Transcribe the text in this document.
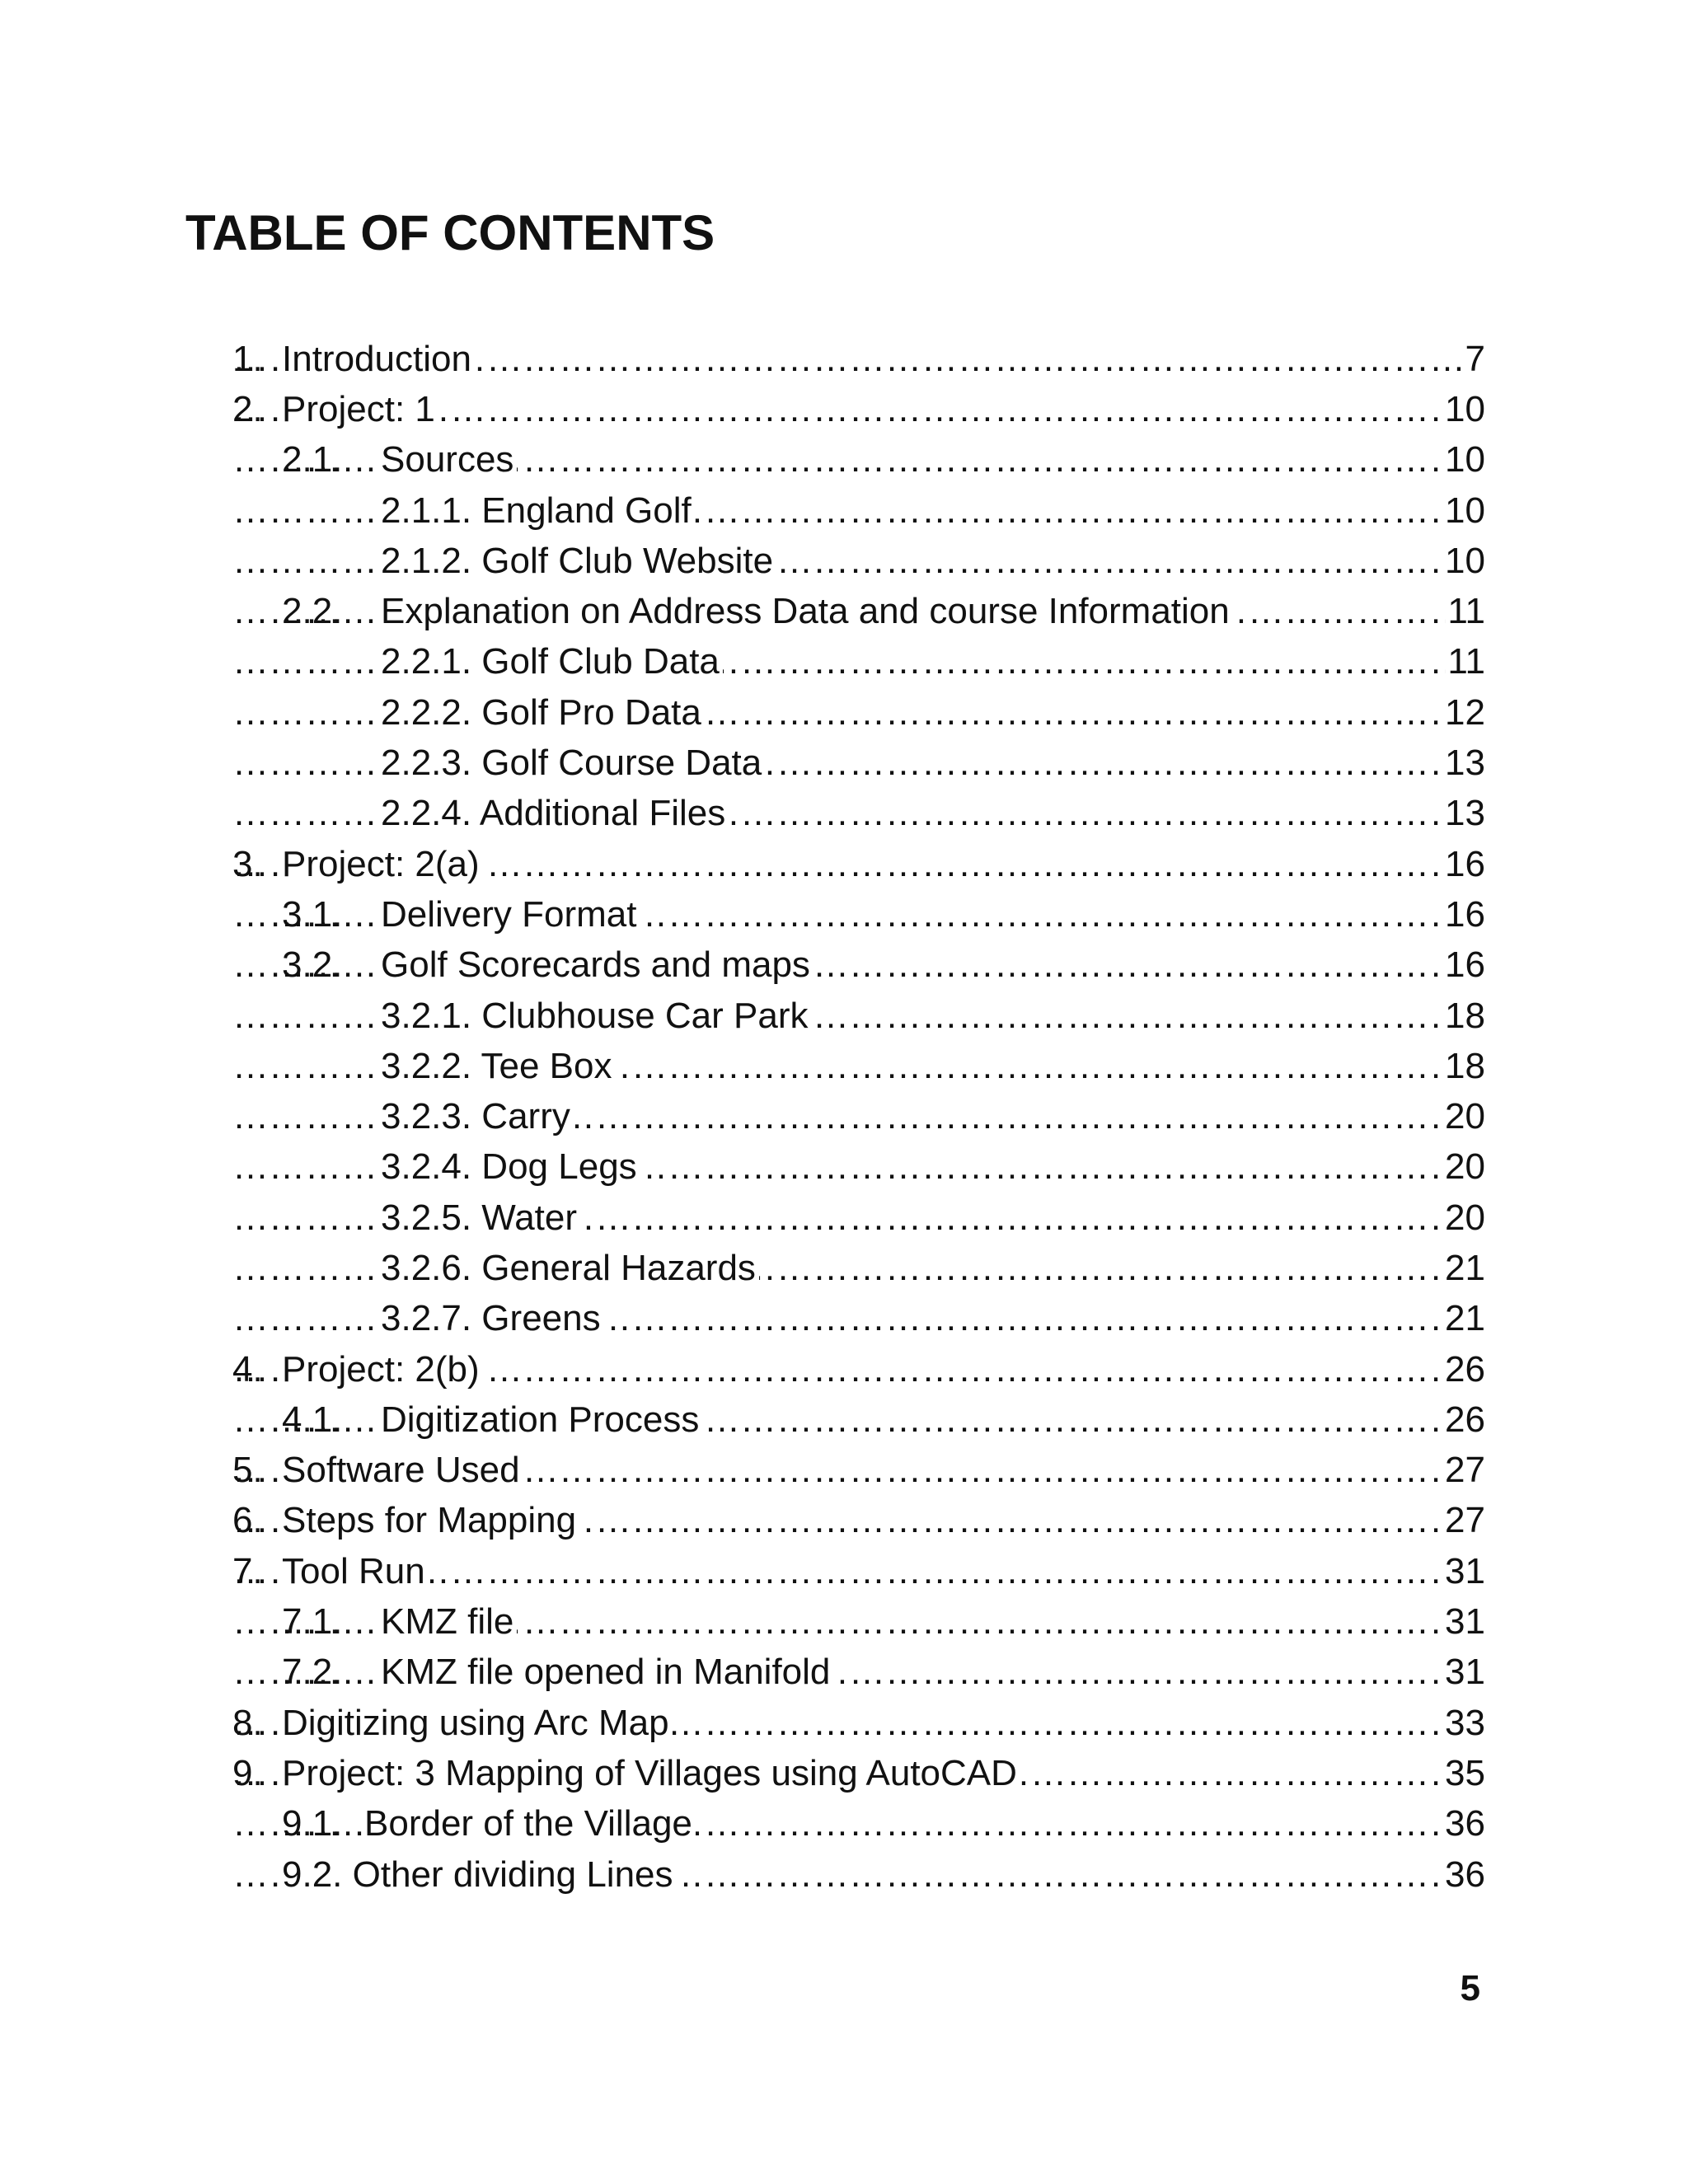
TABLE OF CONTENTS
……………………………………………………………………………………………………………………………………………………………………………………………………………………………………
1. Introduction	7
……………………………………………………………………………………………………………………………………………………………………………………………………………………………………
2. Project: 1	10
……………………………………………………………………………………………………………………………………………………………………………………………………………………………………
2.1. Sources	10
……………………………………………………………………………………………………………………………………………………………………………………………………………………………………
2.1.1. England Golf	10
……………………………………………………………………………………………………………………………………………………………………………………………………………………………………
2.1.2. Golf Club Website	10
……………………………………………………………………………………………………………………………………………………………………………………………………………………………………
2.2. Explanation on Address Data and course Information	11
……………………………………………………………………………………………………………………………………………………………………………………………………………………………………
2.2.1. Golf Club Data	11
……………………………………………………………………………………………………………………………………………………………………………………………………………………………………
2.2.2. Golf Pro Data	12
……………………………………………………………………………………………………………………………………………………………………………………………………………………………………
2.2.3. Golf Course Data	13
……………………………………………………………………………………………………………………………………………………………………………………………………………………………………
2.2.4. Additional Files	13
……………………………………………………………………………………………………………………………………………………………………………………………………………………………………
3. Project: 2(a)	16
……………………………………………………………………………………………………………………………………………………………………………………………………………………………………
3.1. Delivery Format	16
……………………………………………………………………………………………………………………………………………………………………………………………………………………………………
3.2. Golf Scorecards and maps	16
……………………………………………………………………………………………………………………………………………………………………………………………………………………………………
3.2.1. Clubhouse Car Park	18
……………………………………………………………………………………………………………………………………………………………………………………………………………………………………
3.2.2. Tee Box	18
……………………………………………………………………………………………………………………………………………………………………………………………………………………………………
3.2.3. Carry	20
……………………………………………………………………………………………………………………………………………………………………………………………………………………………………
3.2.4. Dog Legs	20
……………………………………………………………………………………………………………………………………………………………………………………………………………………………………
3.2.5. Water	20
……………………………………………………………………………………………………………………………………………………………………………………………………………………………………
3.2.6. General Hazards	21
……………………………………………………………………………………………………………………………………………………………………………………………………………………………………
3.2.7. Greens	21
……………………………………………………………………………………………………………………………………………………………………………………………………………………………………
4. Project: 2(b)	26
……………………………………………………………………………………………………………………………………………………………………………………………………………………………………
4.1. Digitization Process	26
……………………………………………………………………………………………………………………………………………………………………………………………………………………………………
5. Software Used	27
……………………………………………………………………………………………………………………………………………………………………………………………………………………………………
6. Steps for Mapping	27
……………………………………………………………………………………………………………………………………………………………………………………………………………………………………
7. Tool Run	31
……………………………………………………………………………………………………………………………………………………………………………………………………………………………………
7.1. KMZ file	31
……………………………………………………………………………………………………………………………………………………………………………………………………………………………………
7.2. KMZ file opened in Manifold	31
……………………………………………………………………………………………………………………………………………………………………………………………………………………………………
8. Digitizing using Arc Map	33
……………………………………………………………………………………………………………………………………………………………………………………………………………………………………
9. Project: 3 Mapping of Villages using AutoCAD	35
……………………………………………………………………………………………………………………………………………………………………………………………………………………………………
9.1. Border of the Village	36
……………………………………………………………………………………………………………………………………………………………………………………………………………………………………
9.2. Other dividing Lines	36
5
